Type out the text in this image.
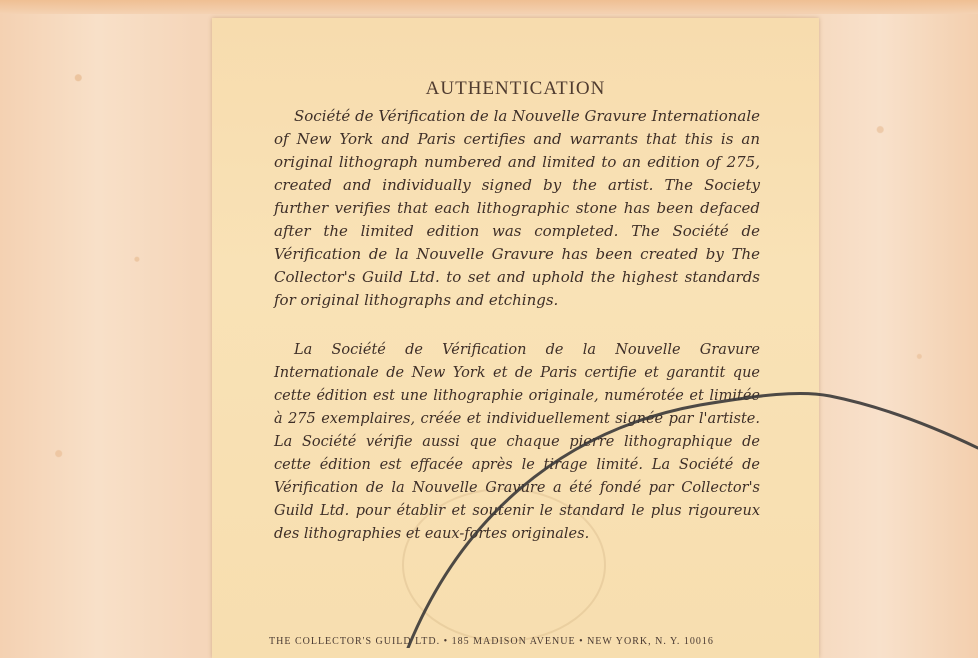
AUTHENTICATION

Société de Vérification de la Nouvelle Gravure Internationale of New York and Paris certifies and warrants that this is an original lithograph numbered and limited to an edition of 275, created and individually signed by the artist. The Society further verifies that each lithographic stone has been defaced after the limited edition was completed. The Société de Vérification de la Nouvelle Gravure has been created by The Collector's Guild Ltd. to set and uphold the highest standards for original lithographs and etchings.

La Société de Vérification de la Nouvelle Gravure Internationale de New York et de Paris certifie et garantit que cette édition est une lithographie originale, numérotée et limitée à 275 exemplaires, créée et individuellement signée par l'artiste. La Société vérifie aussi que chaque pierre lithographique de cette édition est effacée après le tirage limité. La Société de Vérification de la Nouvelle Gravure a été fondé par Collector's Guild Ltd. pour établir et soutenir le standard le plus rigoureux des lithographies et eaux-fortes originales.

THE COLLECTOR'S GUILD LTD. • 185 MADISON AVENUE • NEW YORK, N. Y. 10016
